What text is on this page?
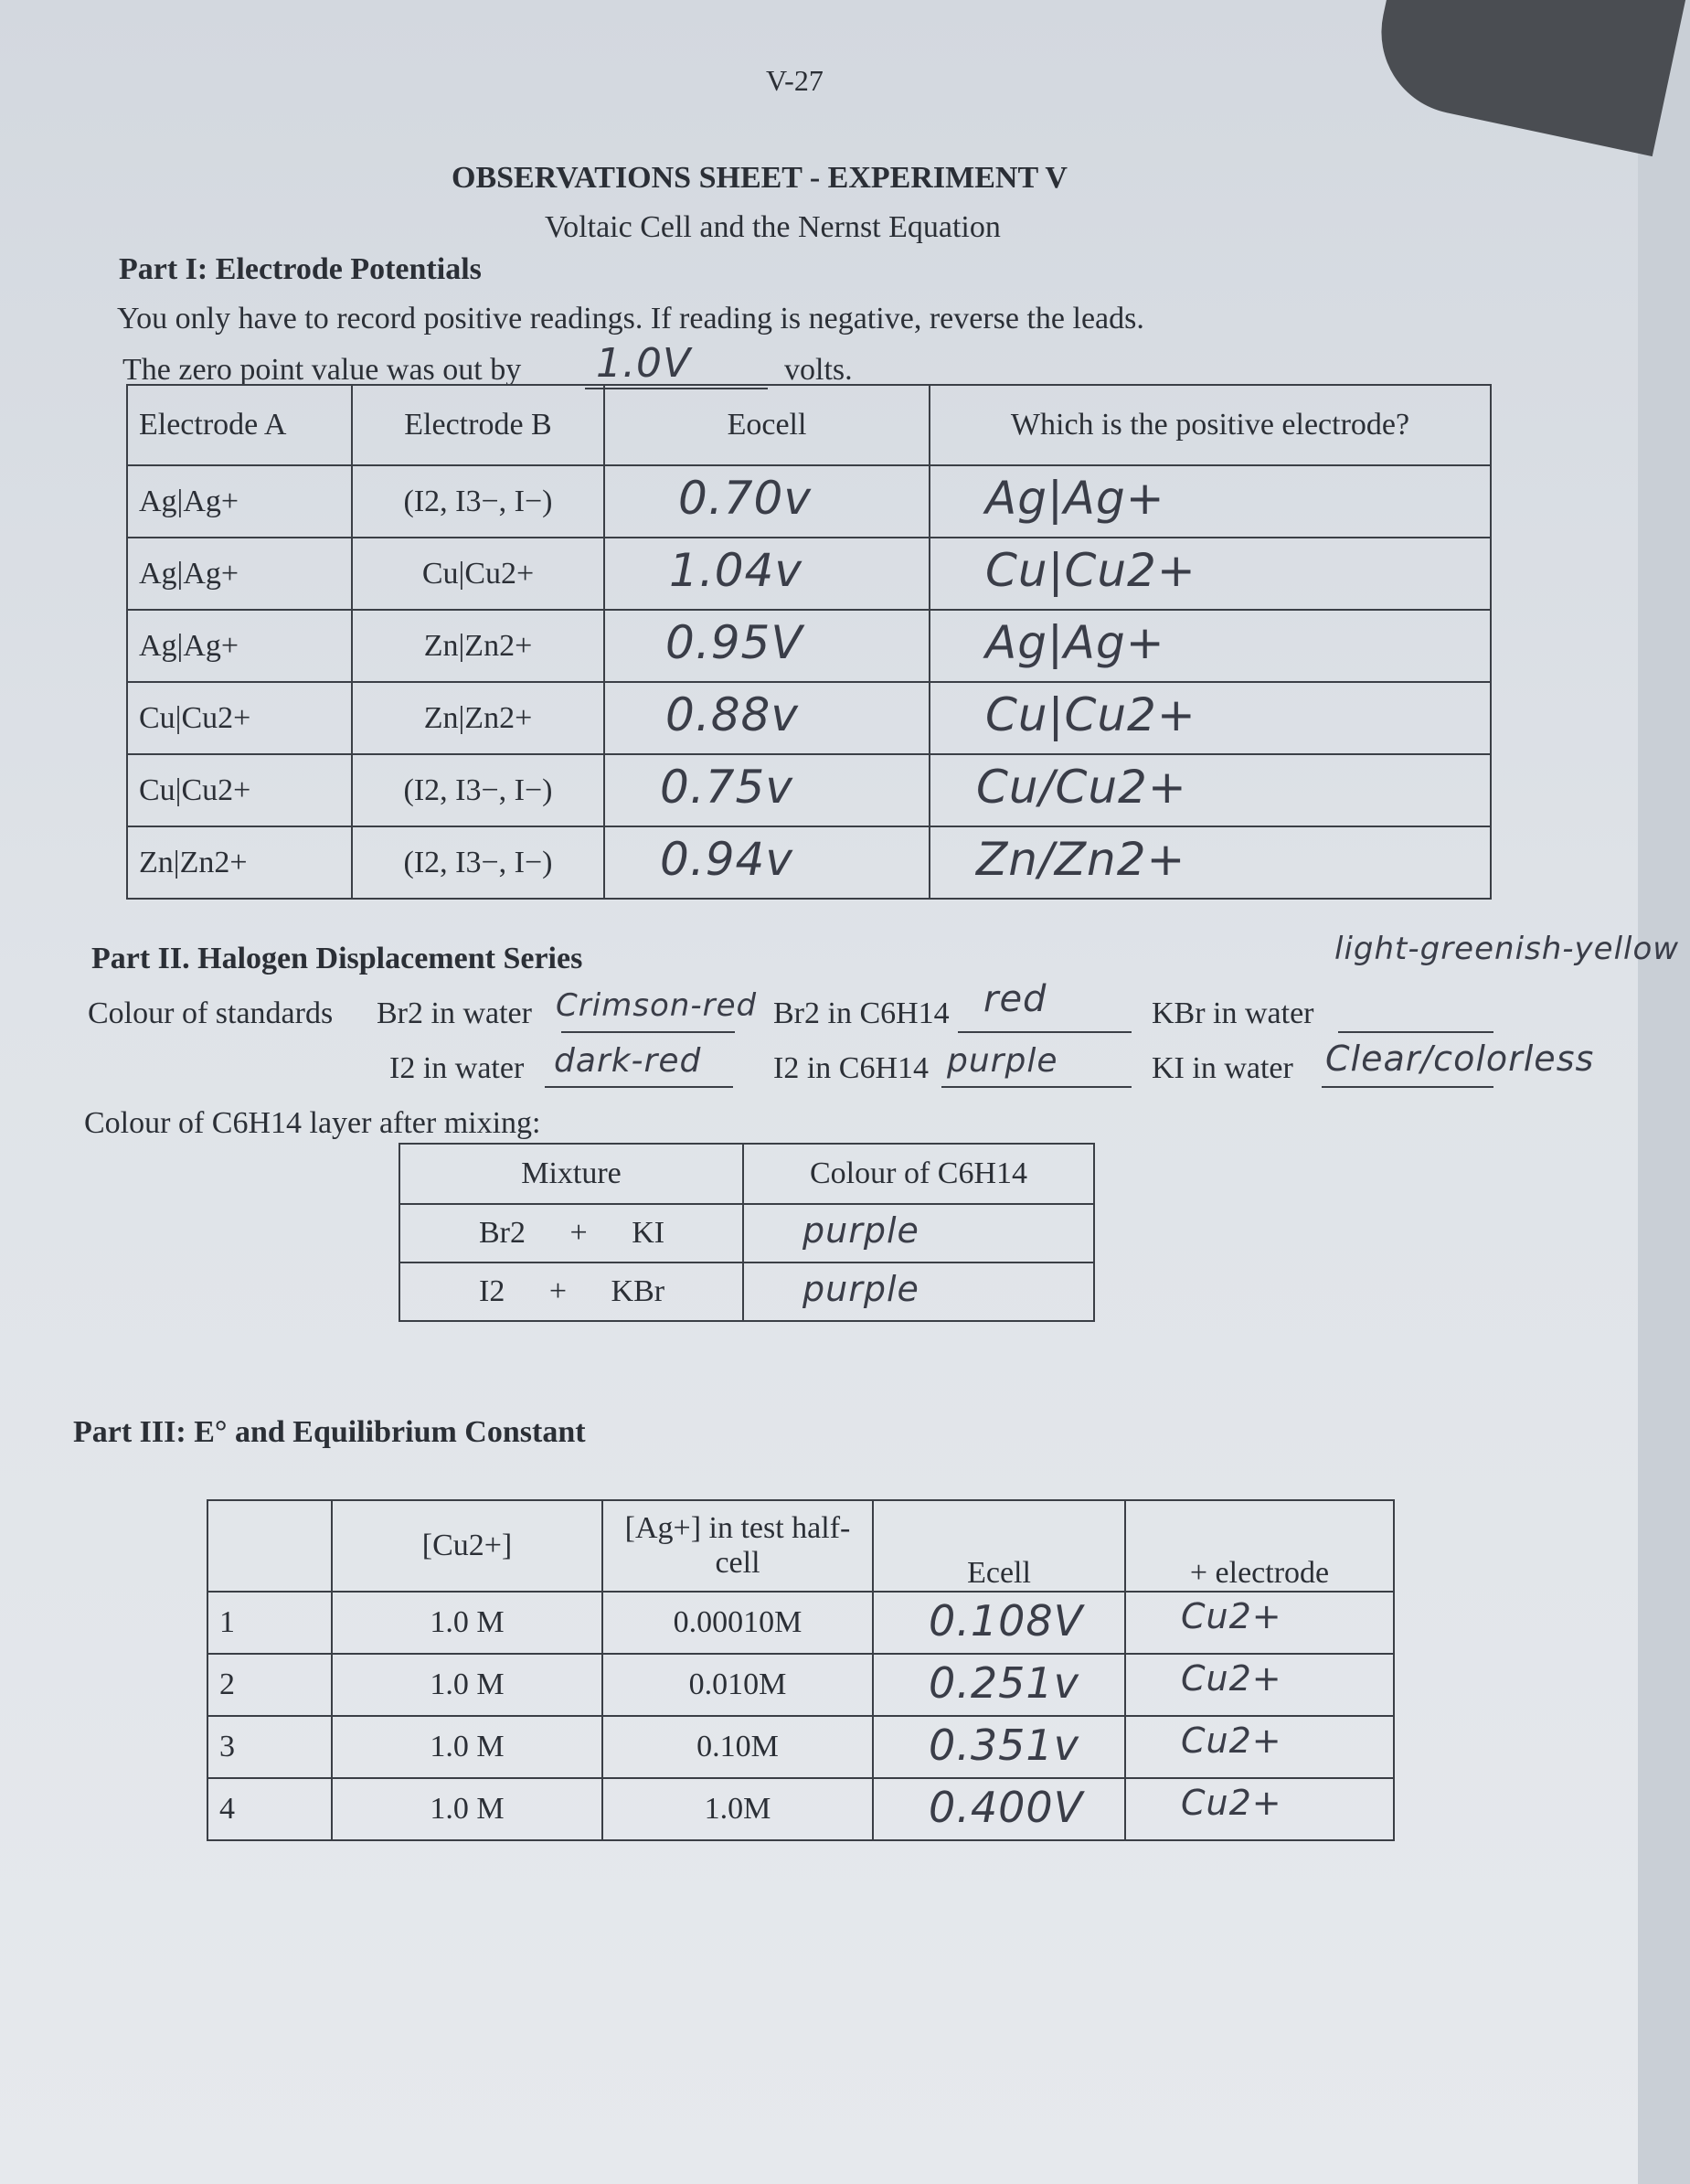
V-27
OBSERVATIONS SHEET - EXPERIMENT V
Voltaic Cell and the Nernst Equation
Part I: Electrode Potentials
You only have to record positive readings. If reading is negative, reverse the leads.
The zero point value was out by 1.0V	volts.
Electrode A	Electrode B	Eocell	Which is the positive electrode?
Ag|Ag+	(I2, I3−, I−)	0.70v	Ag|Ag+

Ag|Ag+	Cu|Cu2+	1.04v	Cu|Cu2+

Ag|Ag+	Zn|Zn2+	0.95V	Ag|Ag+

Cu|Cu2+	Zn|Zn2+	0.88v	Cu|Cu2+

Cu|Cu2+	(I2, I3−, I−)	0.75v	Cu/Cu2+

Zn|Zn2+	(I2, I3−, I−)	0.94v	Zn/Zn2+
Part II. Halogen Displacement Series	light-greenish-yellow
Colour of standards Br2 in water Crimson-red Br2 in C6H14 red	KBr in water
I2 in water dark-red I2 in C6H14 purple	KI in water Clear/colorless
Colour of C6H14 layer after mixing:
Mixture	Colour of C6H14
Br2 + KI	purple

I2 + KBr	purple
Part III: E° and Equilibrium Constant
	[Cu2+]	[Ag+] in test half-cell	Ecell	+ electrode
1	1.0 M	0.00010M	0.108V	Cu2+

2	1.0 M	0.010M	0.251v	Cu2+

3	1.0 M	0.10M	0.351v	Cu2+

4	1.0 M	1.0M	0.400V	Cu2+
